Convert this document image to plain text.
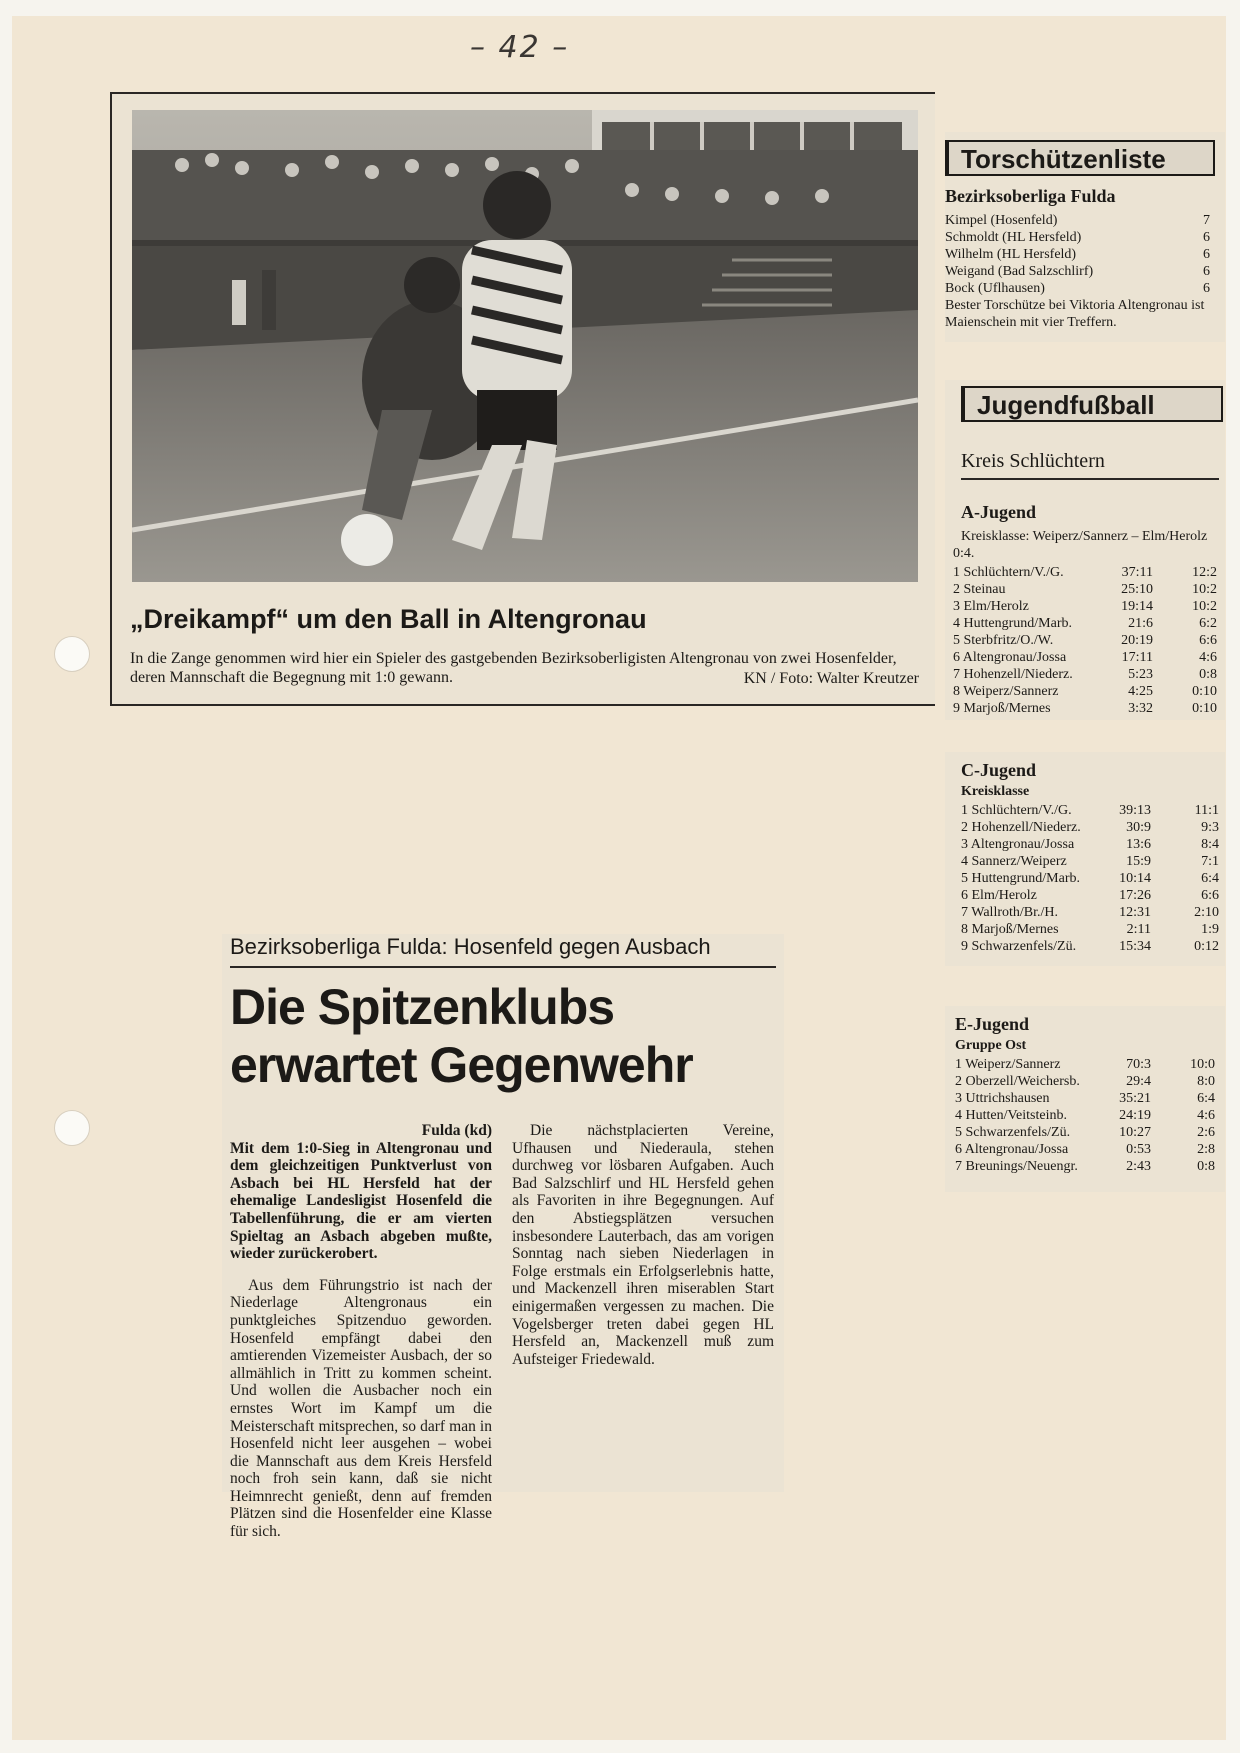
– 42 –
„Dreikampf“ um den Ball in Altengronau
In die Zange genommen wird hier ein Spieler des gastgebenden Bezirksoberligisten Altengronau von zwei Hosenfelder, deren Mannschaft die Begegnung mit 1:0 gewann.	KN / Foto: Walter Kreutzer
Torschützenliste
Bezirksoberliga Fulda
Kimpel (Hosenfeld)	7
Schmoldt (HL Hersfeld)	6
Wilhelm (HL Hersfeld)	6
Weigand (Bad Salzschlirf)	6
Bock (Uflhausen)	6
Bester Torschütze bei Viktoria Altengronau ist Maienschein mit vier Treffern.
Jugendfußball
Kreis Schlüchtern
A-Jugend
Kreisklasse: Weiperz/Sannerz – Elm/Herolz 0:4.
1 Schlüchtern/V./G.	37:11	12:2
2 Steinau	25:10	10:2
3 Elm/Herolz	19:14	10:2
4 Huttengrund/Marb.	21:6	6:2
5 Sterbfritz/O./W.	20:19	6:6
6 Altengronau/Jossa	17:11	4:6
7 Hohenzell/Niederz.	5:23	0:8
8 Weiperz/Sannerz	4:25	0:10
9 Marjoß/Mernes	3:32	0:10
C-Jugend
Kreisklasse
1 Schlüchtern/V./G.	39:13	11:1
2 Hohenzell/Niederz.	30:9	9:3
3 Altengronau/Jossa	13:6	8:4
4 Sannerz/Weiperz	15:9	7:1
5 Huttengrund/Marb.	10:14	6:4
6 Elm/Herolz	17:26	6:6
7 Wallroth/Br./H.	12:31	2:10
8 Marjoß/Mernes	2:11	1:9
9 Schwarzenfels/Zü.	15:34	0:12
E-Jugend
Gruppe Ost
1 Weiperz/Sannerz	70:3	10:0
2 Oberzell/Weichersb.	29:4	8:0
3 Uttrichshausen	35:21	6:4
4 Hutten/Veitsteinb.	24:19	4:6
5 Schwarzenfels/Zü.	10:27	2:6
6 Altengronau/Jossa	0:53	2:8
7 Breunings/Neuengr.	2:43	0:8
Bezirksoberliga Fulda: Hosenfeld gegen Ausbach
Die Spitzenklubs
erwartet Gegenwehr

Fulda (kd)

Mit dem 1:0-Sieg in Altengronau und dem gleichzeitigen Punktverlust von Asbach bei HL Hersfeld hat der ehemalige Landesligist Hosenfeld die Tabellenführung, die er am vierten Spieltag an Asbach abgeben mußte, wieder zurückerobert.

Aus dem Führungstrio ist nach der Niederlage Altengronaus ein punktgleiches Spitzenduo geworden. Hosenfeld empfängt dabei den amtierenden Vizemeister Ausbach, der so allmählich in Tritt zu kommen scheint. Und wollen die Ausbacher noch ein ernstes Wort im Kampf um die Meisterschaft mitsprechen, so darf man in Hosenfeld nicht leer ausgehen – wobei die Mannschaft aus dem Kreis Hersfeld noch froh sein kann, daß sie nicht Heimnrecht genießt, denn auf fremden Plätzen sind die Hosenfelder eine Klasse für sich.

Die nächstplacierten Vereine, Ufhausen und Niederaula, stehen durchweg vor lösbaren Aufgaben. Auch Bad Salzschlirf und HL Hersfeld gehen als Favoriten in ihre Begegnungen. Auf den Abstiegsplätzen versuchen insbesondere Lauterbach, das am vorigen Sonntag nach sieben Niederlagen in Folge erstmals ein Erfolgserlebnis hatte, und Mackenzell ihren miserablen Start einigermaßen vergessen zu machen. Die Vogelsberger treten dabei gegen HL Hersfeld an, Mackenzell muß zum Aufsteiger Friedewald.
